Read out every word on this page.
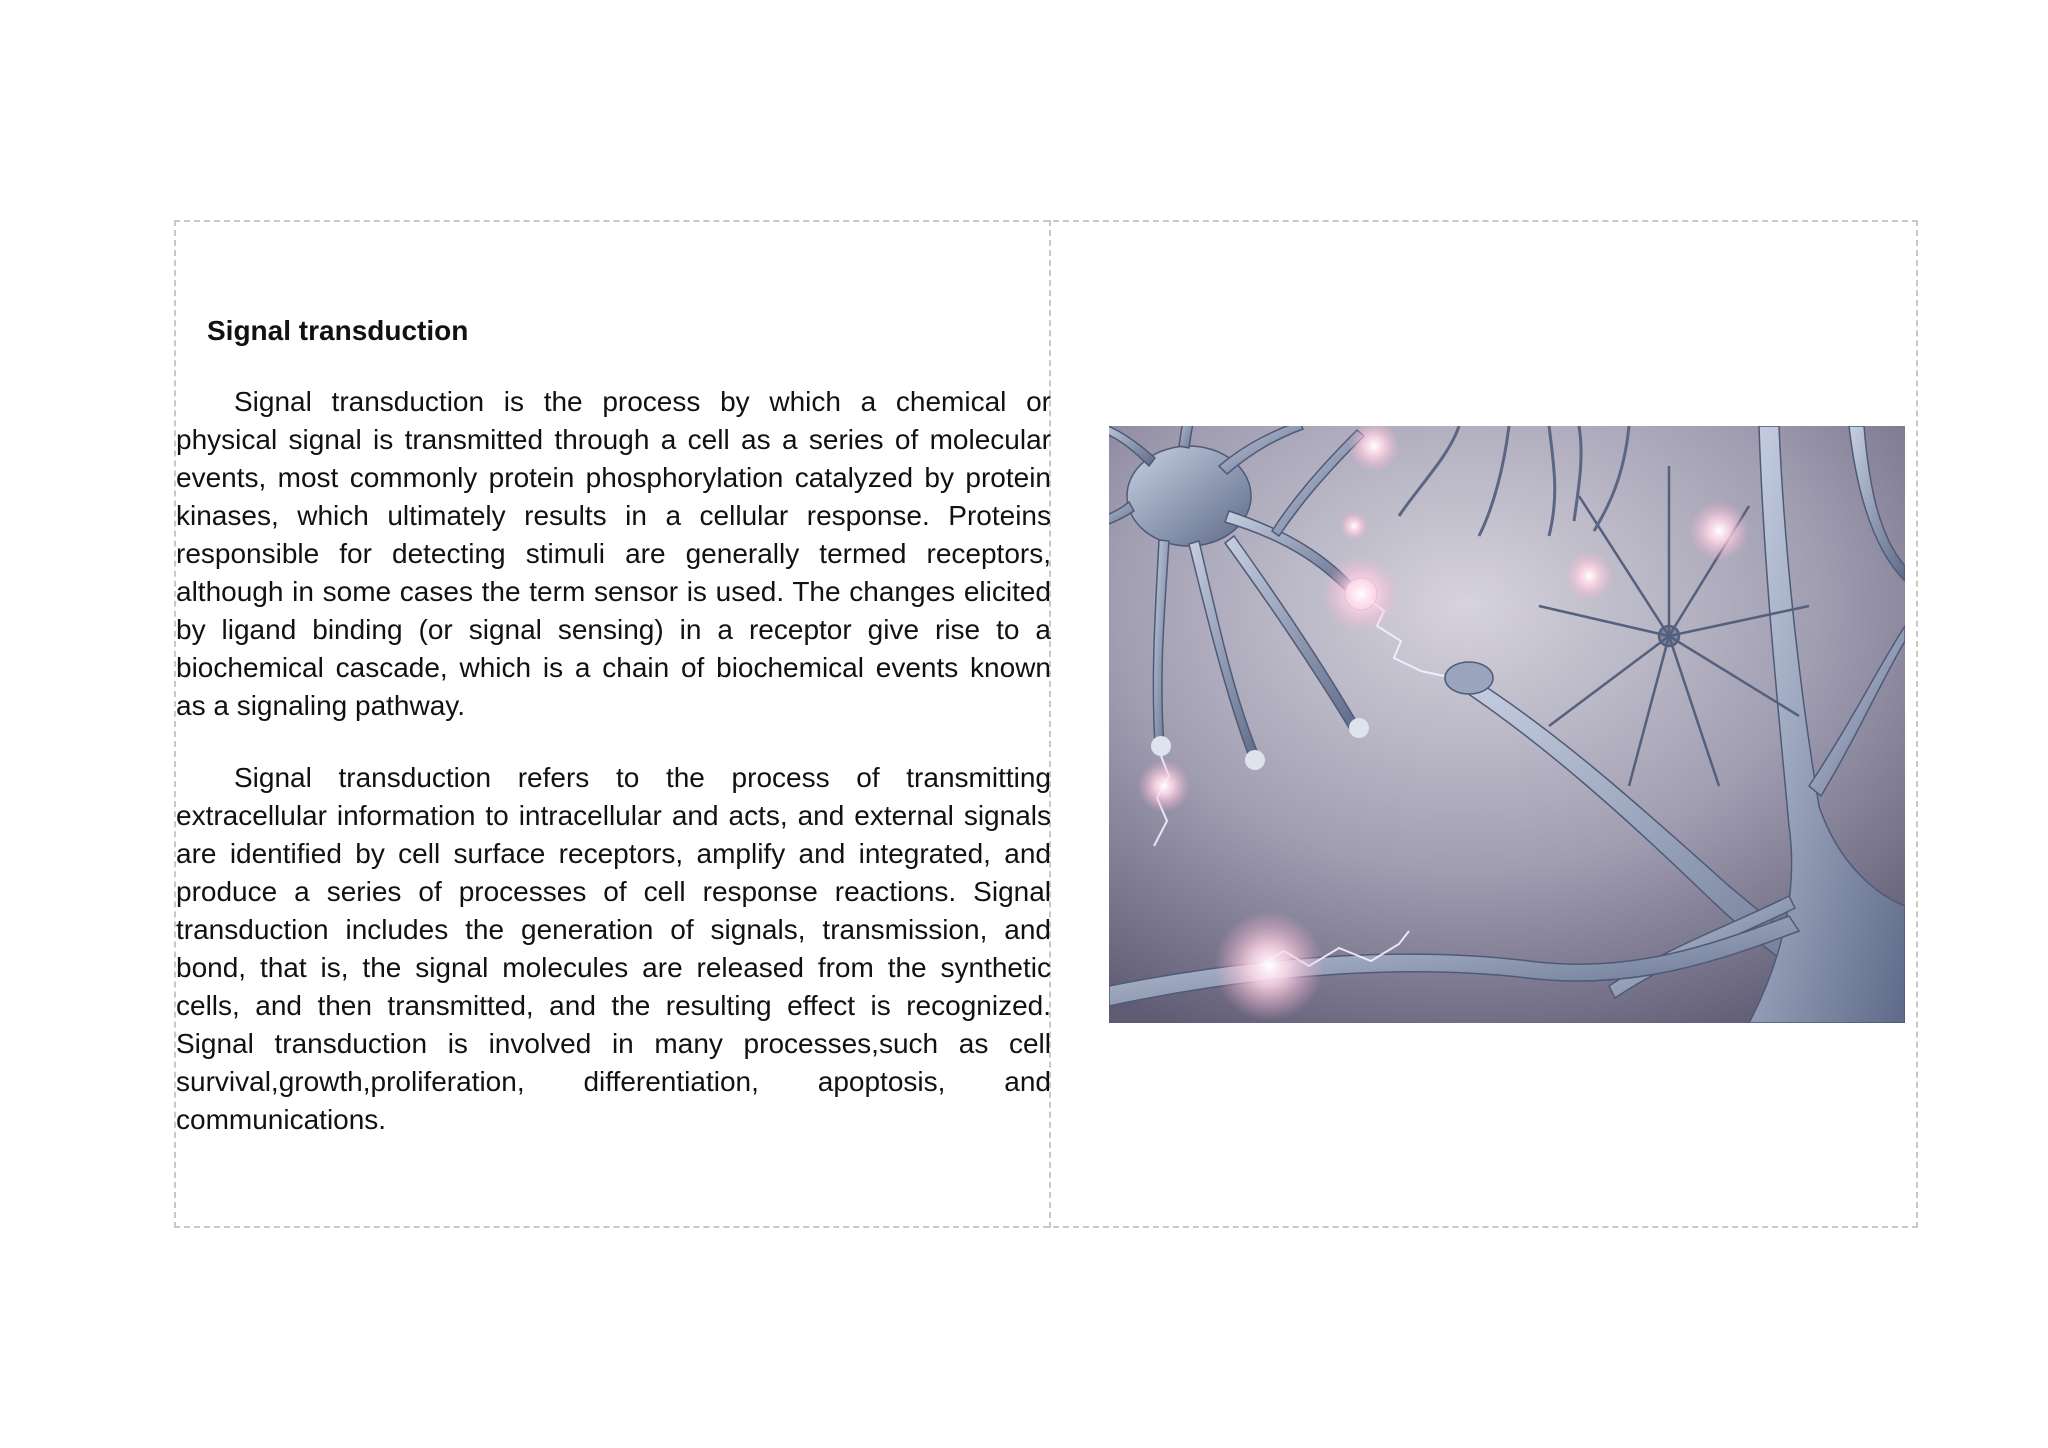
Signal transduction

Signal transduction is the process by which a chemical or physical signal is transmitted through a cell as a series of molecular events, most commonly protein phosphorylation catalyzed by protein kinases, which ultimately results in a cellular response. Proteins responsible for detecting stimuli are generally termed receptors, although in some cases the term sensor is used. The changes elicited by ligand binding (or signal sensing) in a receptor give rise to a biochemical cascade, which is a chain of biochemical events known as a signaling pathway.

Signal transduction refers to the process of transmitting extracellular information to intracellular and acts, and external signals are identified by cell surface receptors, amplify and integrated, and produce a series of processes of cell response reactions. Signal transduction includes the generation of signals, transmission, and bond, that is, the signal molecules are released from the synthetic cells, and then transmitted, and the resulting effect is recognized. Signal transduction is involved in many processes,such as cell survival,growth,proliferation, differentiation, apoptosis, and communications.
